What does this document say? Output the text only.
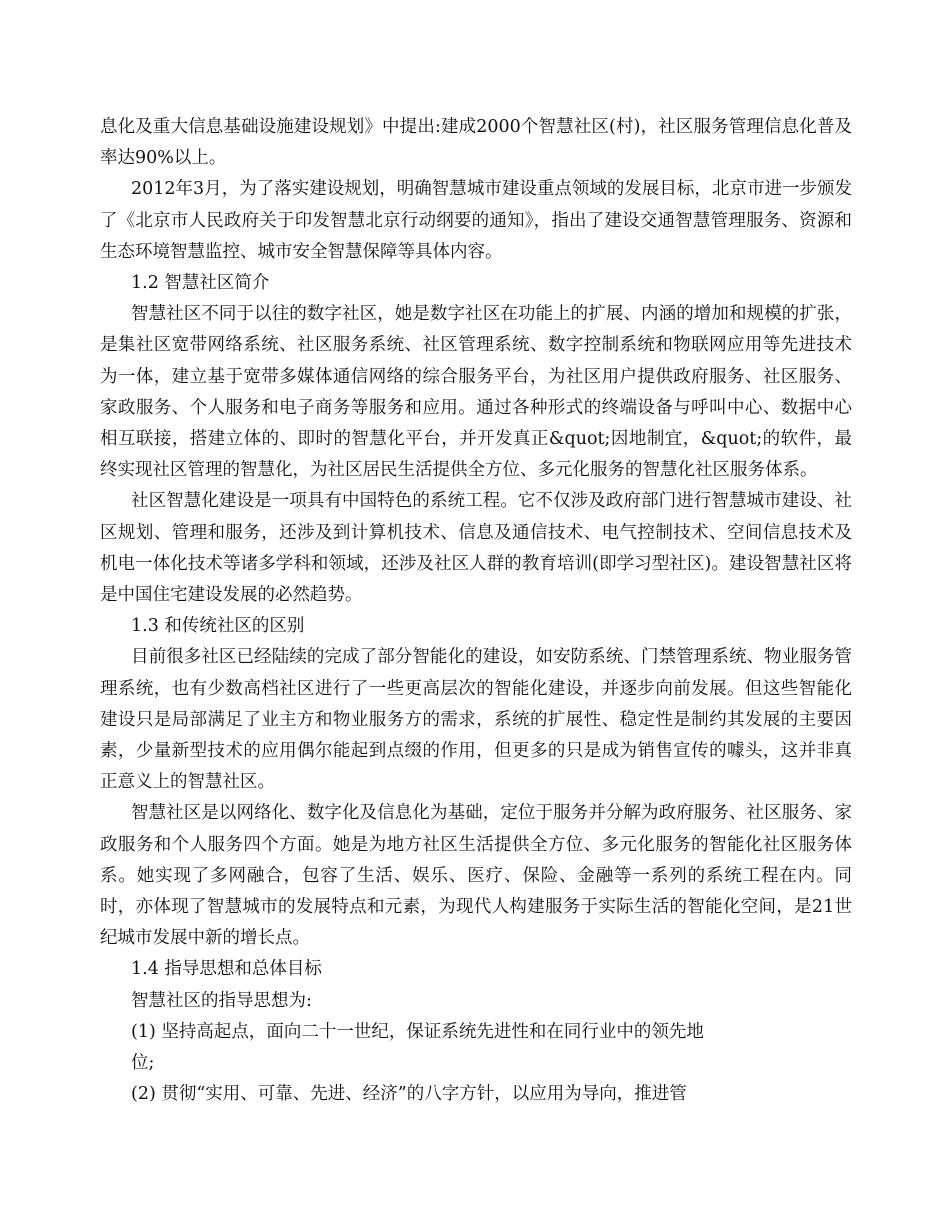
息化及重大信息基础设施建设规划》中提出:建成2000个智慧社区(村)，社区服务管理信息化普及率达90%以上。

2012年3月，为了落实建设规划，明确智慧城市建设重点领域的发展目标，北京市进一步颁发了《北京市人民政府关于印发智慧北京行动纲要的通知》，指出了建设交通智慧管理服务、资源和生态环境智慧监控、城市安全智慧保障等具体内容。

1.2 智慧社区简介

智慧社区不同于以往的数字社区，她是数字社区在功能上的扩展、内涵的增加和规模的扩张，是集社区宽带网络系统、社区服务系统、社区管理系统、数字控制系统和物联网应用等先进技术为一体，建立基于宽带多媒体通信网络的综合服务平台，为社区用户提供政府服务、社区服务、家政服务、个人服务和电子商务等服务和应用。通过各种形式的终端设备与呼叫中心、数据中心相互联接，搭建立体的、即时的智慧化平台，并开发真正&quot;因地制宜，&quot;的软件，最终实现社区管理的智慧化，为社区居民生活提供全方位、多元化服务的智慧化社区服务体系。

社区智慧化建设是一项具有中国特色的系统工程。它不仅涉及政府部门进行智慧城市建设、社区规划、管理和服务，还涉及到计算机技术、信息及通信技术、电气控制技术、空间信息技术及机电一体化技术等诸多学科和领域，还涉及社区人群的教育培训(即学习型社区)。建设智慧社区将是中国住宅建设发展的必然趋势。

1.3 和传统社区的区别

目前很多社区已经陆续的完成了部分智能化的建设，如安防系统、门禁管理系统、物业服务管理系统，也有少数高档社区进行了一些更高层次的智能化建设，并逐步向前发展。但这些智能化建设只是局部满足了业主方和物业服务方的需求，系统的扩展性、稳定性是制约其发展的主要因素，少量新型技术的应用偶尔能起到点缀的作用，但更多的只是成为销售宣传的噱头，这并非真正意义上的智慧社区。

智慧社区是以网络化、数字化及信息化为基础，定位于服务并分解为政府服务、社区服务、家政服务和个人服务四个方面。她是为地方社区生活提供全方位、多元化服务的智能化社区服务体系。她实现了多网融合，包容了生活、娱乐、医疗、保险、金融等一系列的系统工程在内。同时，亦体现了智慧城市的发展特点和元素，为现代人构建服务于实际生活的智能化空间，是21世纪城市发展中新的增长点。

1.4 指导思想和总体目标

智慧社区的指导思想为:

(1) 坚持高起点，面向二十一世纪，保证系统先进性和在同行业中的领先地
位;

(2) 贯彻“实用、可靠、先进、经济”的八字方针，以应用为导向，推进管
